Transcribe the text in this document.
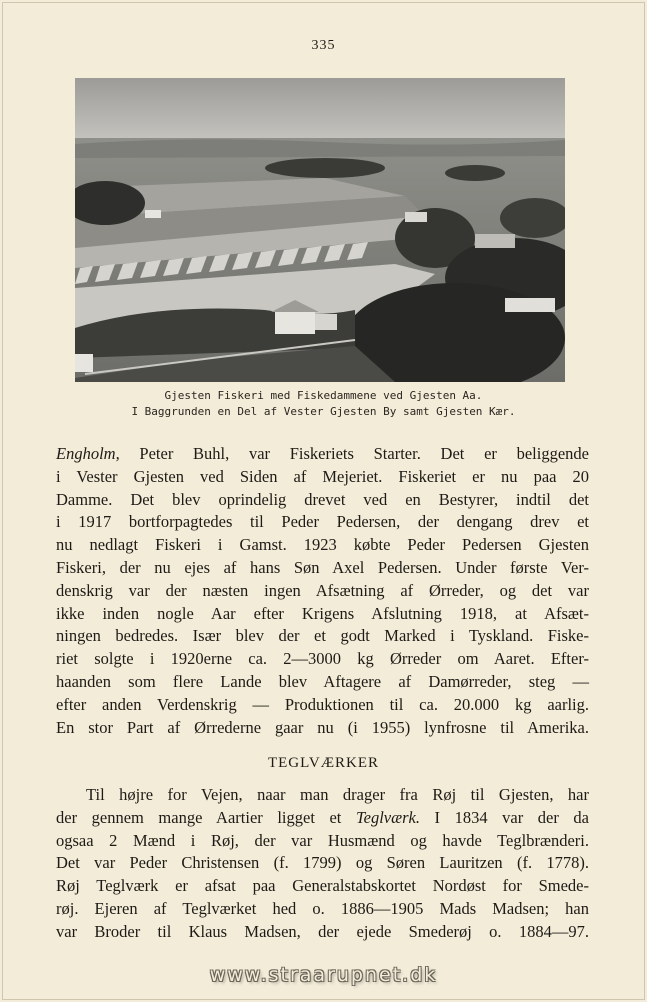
335
Gjesten Fiskeri med Fiskedammene ved Gjesten Aa.
I Baggrunden en Del af Vester Gjesten By samt Gjesten Kær.
Engholm, Peter Buhl, var Fiskeriets Starter. Det er beliggende
i Vester Gjesten ved Siden af Mejeriet. Fiskeriet er nu paa 20
Damme. Det blev oprindelig drevet ved en Bestyrer, indtil det
i 1917 bortforpagtedes til Peder Pedersen, der dengang drev et
nu nedlagt Fiskeri i Gamst. 1923 købte Peder Pedersen Gjesten
Fiskeri, der nu ejes af hans Søn Axel Pedersen. Under første Ver-
denskrig var der næsten ingen Afsætning af Ørreder, og det var
ikke inden nogle Aar efter Krigens Afslutning 1918, at Afsæt-
ningen bedredes. Især blev der et godt Marked i Tyskland. Fiske-
riet solgte i 1920erne ca. 2—3000 kg Ørreder om Aaret. Efter-
haanden som flere Lande blev Aftagere af Damørreder, steg —
efter anden Verdenskrig — Produktionen til ca. 20.000 kg aarlig.
En stor Part af Ørrederne gaar nu (i 1955) lynfrosne til Amerika.
TEGLVÆRKER
Til højre for Vejen, naar man drager fra Røj til Gjesten, har
der gennem mange Aartier ligget et Teglværk. I 1834 var der da
ogsaa 2 Mænd i Røj, der var Husmænd og havde Teglbrænderi.
Det var Peder Christensen (f. 1799) og Søren Lauritzen (f. 1778).
Røj Teglværk er afsat paa Generalstabskortet Nordøst for Smede-
røj. Ejeren af Teglværket hed o. 1886—1905 Mads Madsen; han
var Broder til Klaus Madsen, der ejede Smederøj o. 1884—97.
www.straarupnet.dk
